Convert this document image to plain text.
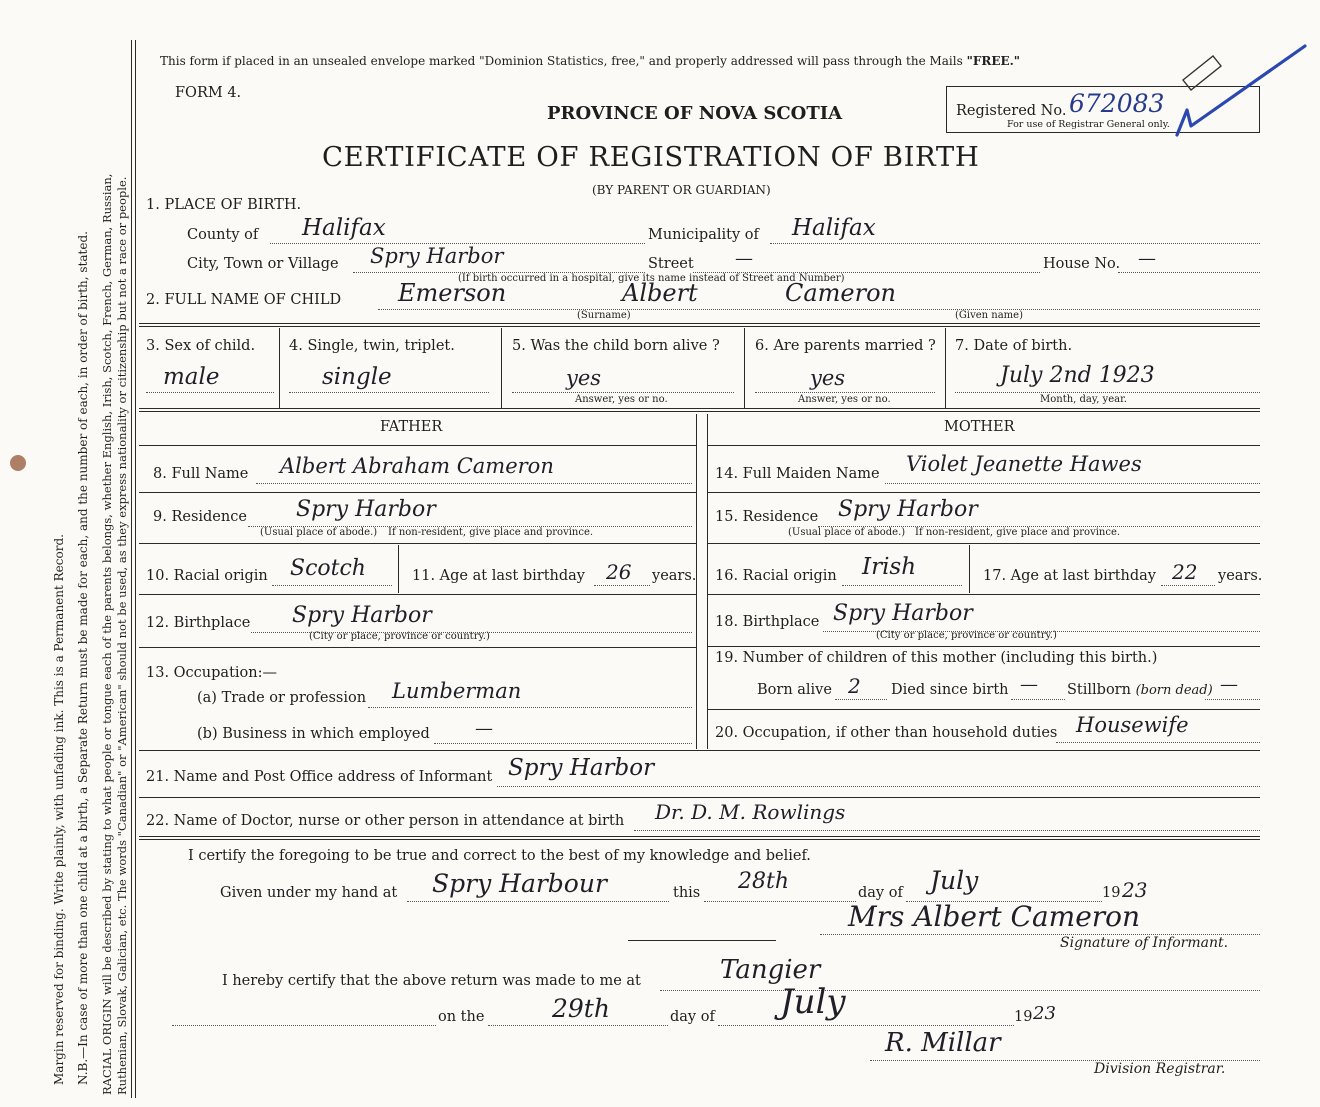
Margin reserved for binding. Write plainly, with unfading ink. This is a Permanent Record. N.B.—In case of more than one child at a birth, a Separate Return must be made for each, and the number of each, in order of birth, stated. RACIAL ORIGIN will be described by stating to what people or tongue each of the parents belongs, whether English, Irish, Scotch, French, German, Russian, Ruthenian, Slovak, Galician, etc. The words "Canadian" or "American" should not be used, as they express nationality or citizenship but not a race or people.
This form if placed in an unsealed envelope marked "Dominion Statistics, free," and properly addressed will pass through the Mails "FREE."
FORM 4.
PROVINCE OF NOVA SCOTIA
CERTIFICATE OF REGISTRATION OF BIRTH
(BY PARENT OR GUARDIAN)
Registered No. 672083
For use of Registrar General only.
1. PLACE OF BIRTH.
County of Halifax	Municipality of Halifax
City, Town or Village Spry Harbor	Street —	House No. —
(If birth occurred in a hospital, give its name instead of Street and Number)
2. FULL NAME OF CHILD Emerson	Albert	Cameron
(Surname)	(Given name)
3. Sex of child.
male
4. Single, twin, triplet.
single
5. Was the child born alive ?
yes
Answer, yes or no.
6. Are parents married ?
yes
Answer, yes or no.
7. Date of birth.
July 2nd 1923
Month, day, year.
FATHER	MOTHER
8. Full Name Albert Abraham Cameron
9. Residence Spry Harbor
(Usual place of abode.) If non-resident, give place and province.
10. Racial origin Scotch	11. Age at last birthday 26 years.
12. Birthplace Spry Harbor
(City or place, province or country.)
13. Occupation:—
(a) Trade or profession Lumberman
(b) Business in which employed	—
14. Full Maiden Name Violet Jeanette Hawes
15. Residence Spry Harbor
(Usual place of abode.) If non-resident, give place and province.
16. Racial origin Irish	17. Age at last birthday 22 years.
18. Birthplace Spry Harbor
(City or place, province or country.)
19. Number of children of this mother (including this birth.)
Born alive 2 Died since birth — Stillborn (born dead) —
20. Occupation, if other than household duties Housewife
21. Name and Post Office address of Informant Spry Harbor
22. Name of Doctor, nurse or other person in attendance at birth Dr. D. M. Rowlings
I certify the foregoing to be true and correct to the best of my knowledge and belief.
Given under my hand at Spry Harbour	this 28th	day of July	19 23
Mrs Albert Cameron
Signature of Informant.
I hereby certify that the above return was made to me at	Tangier
on the	29th	day of July	19 23
R. Millar
Division Registrar.
